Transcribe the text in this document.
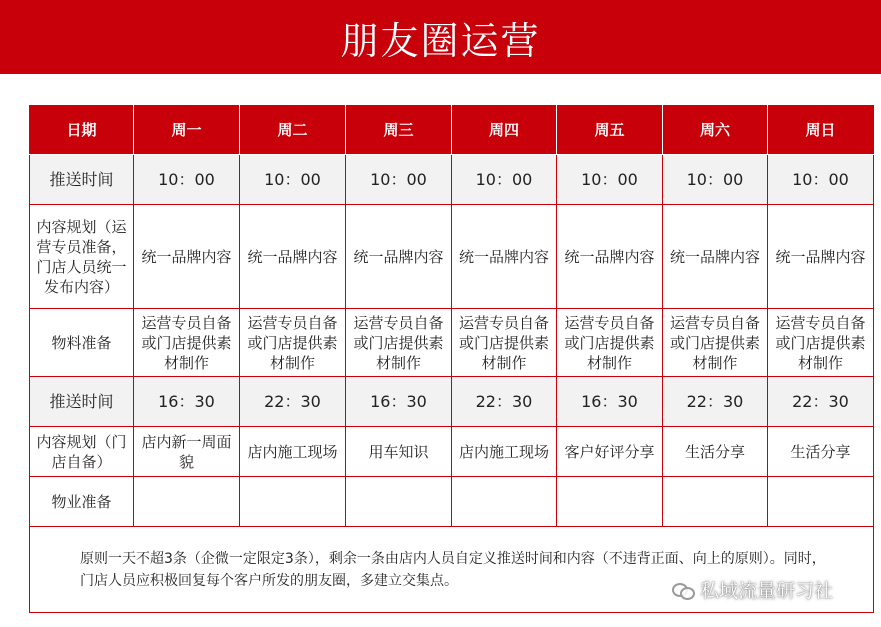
朋友圈运营
日期	周一	周二	周三	周四	周五	周六	周日
推送时间	10：00	10：00	10：00	10：00	10：00	10：00	10：00
内容规划（运营专员准备，门店人员统一发布内容）	统一品牌内容	统一品牌内容	统一品牌内容	统一品牌内容	统一品牌内容	统一品牌内容	统一品牌内容
物料准备	运营专员自备或门店提供素材制作	运营专员自备或门店提供素材制作	运营专员自备或门店提供素材制作	运营专员自备或门店提供素材制作	运营专员自备或门店提供素材制作	运营专员自备或门店提供素材制作	运营专员自备或门店提供素材制作
推送时间	16：30	22：30	16：30	22：30	16：30	22：30	22：30
内容规划（门店自备）	店内新一周面貌	店内施工现场	用车知识	店内施工现场	客户好评分享	生活分享	生活分享
物业准备							
原则一天不超3条（企微一定限定3条），剩余一条由店内人员自定义推送时间和内容（不违背正面、向上的原则）。同时，门店人员应积极回复每个客户所发的朋友圈，多建立交集点。								私域流量研习社
